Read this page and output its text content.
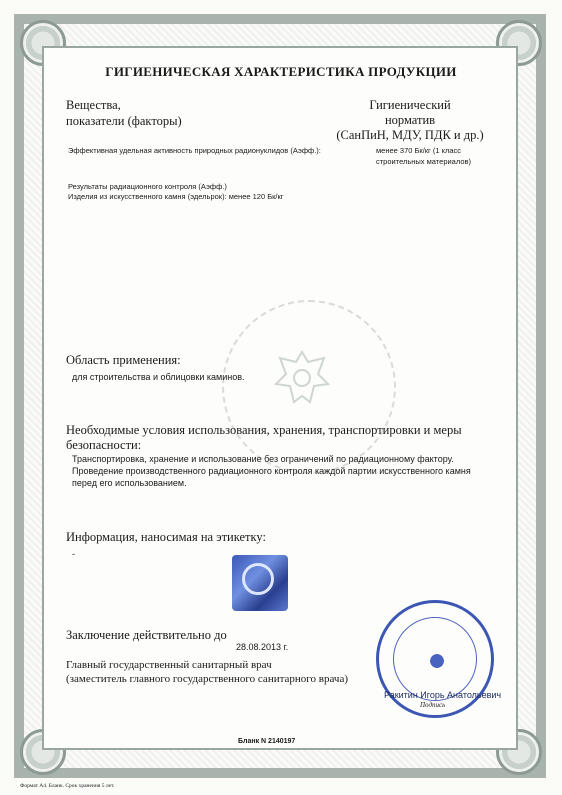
ГИГИЕНИЧЕСКАЯ ХАРАКТЕРИСТИКА ПРОДУКЦИИ
Вещества,
показатели (факторы)
Гигиенический
норматив
(СанПиН, МДУ, ПДК и др.)
Эффективная удельная активность природных радионуклидов (Аэфф.):	менее 370 Бк/кг (1 класс
строительных материалов)
Результаты радиационного контроля (Аэфф.)
Изделия из искусственного камня (эдельрок): менее 120 Бк/кг
Область применения:
для строительства и облицовки каминов.
Необходимые условия использования, хранения, транспортировки и меры
безопасности:
Транспортировка, хранение и использование без ограничений по радиационному фактору.
Проведение производственного радиационного контроля каждой партии искусственного камня
перед его использованием.
Информация, наносимая на этикетку:
-
Заключение действительно до
28.08.2013 г.
Главный государственный санитарный врач
(заместитель главного государственного санитарного врача)
Ракитин Игорь Анатольевич
Подпись
Бланк N 2140197
Формат А4. Бланк. Срок хранения 5 лет.
